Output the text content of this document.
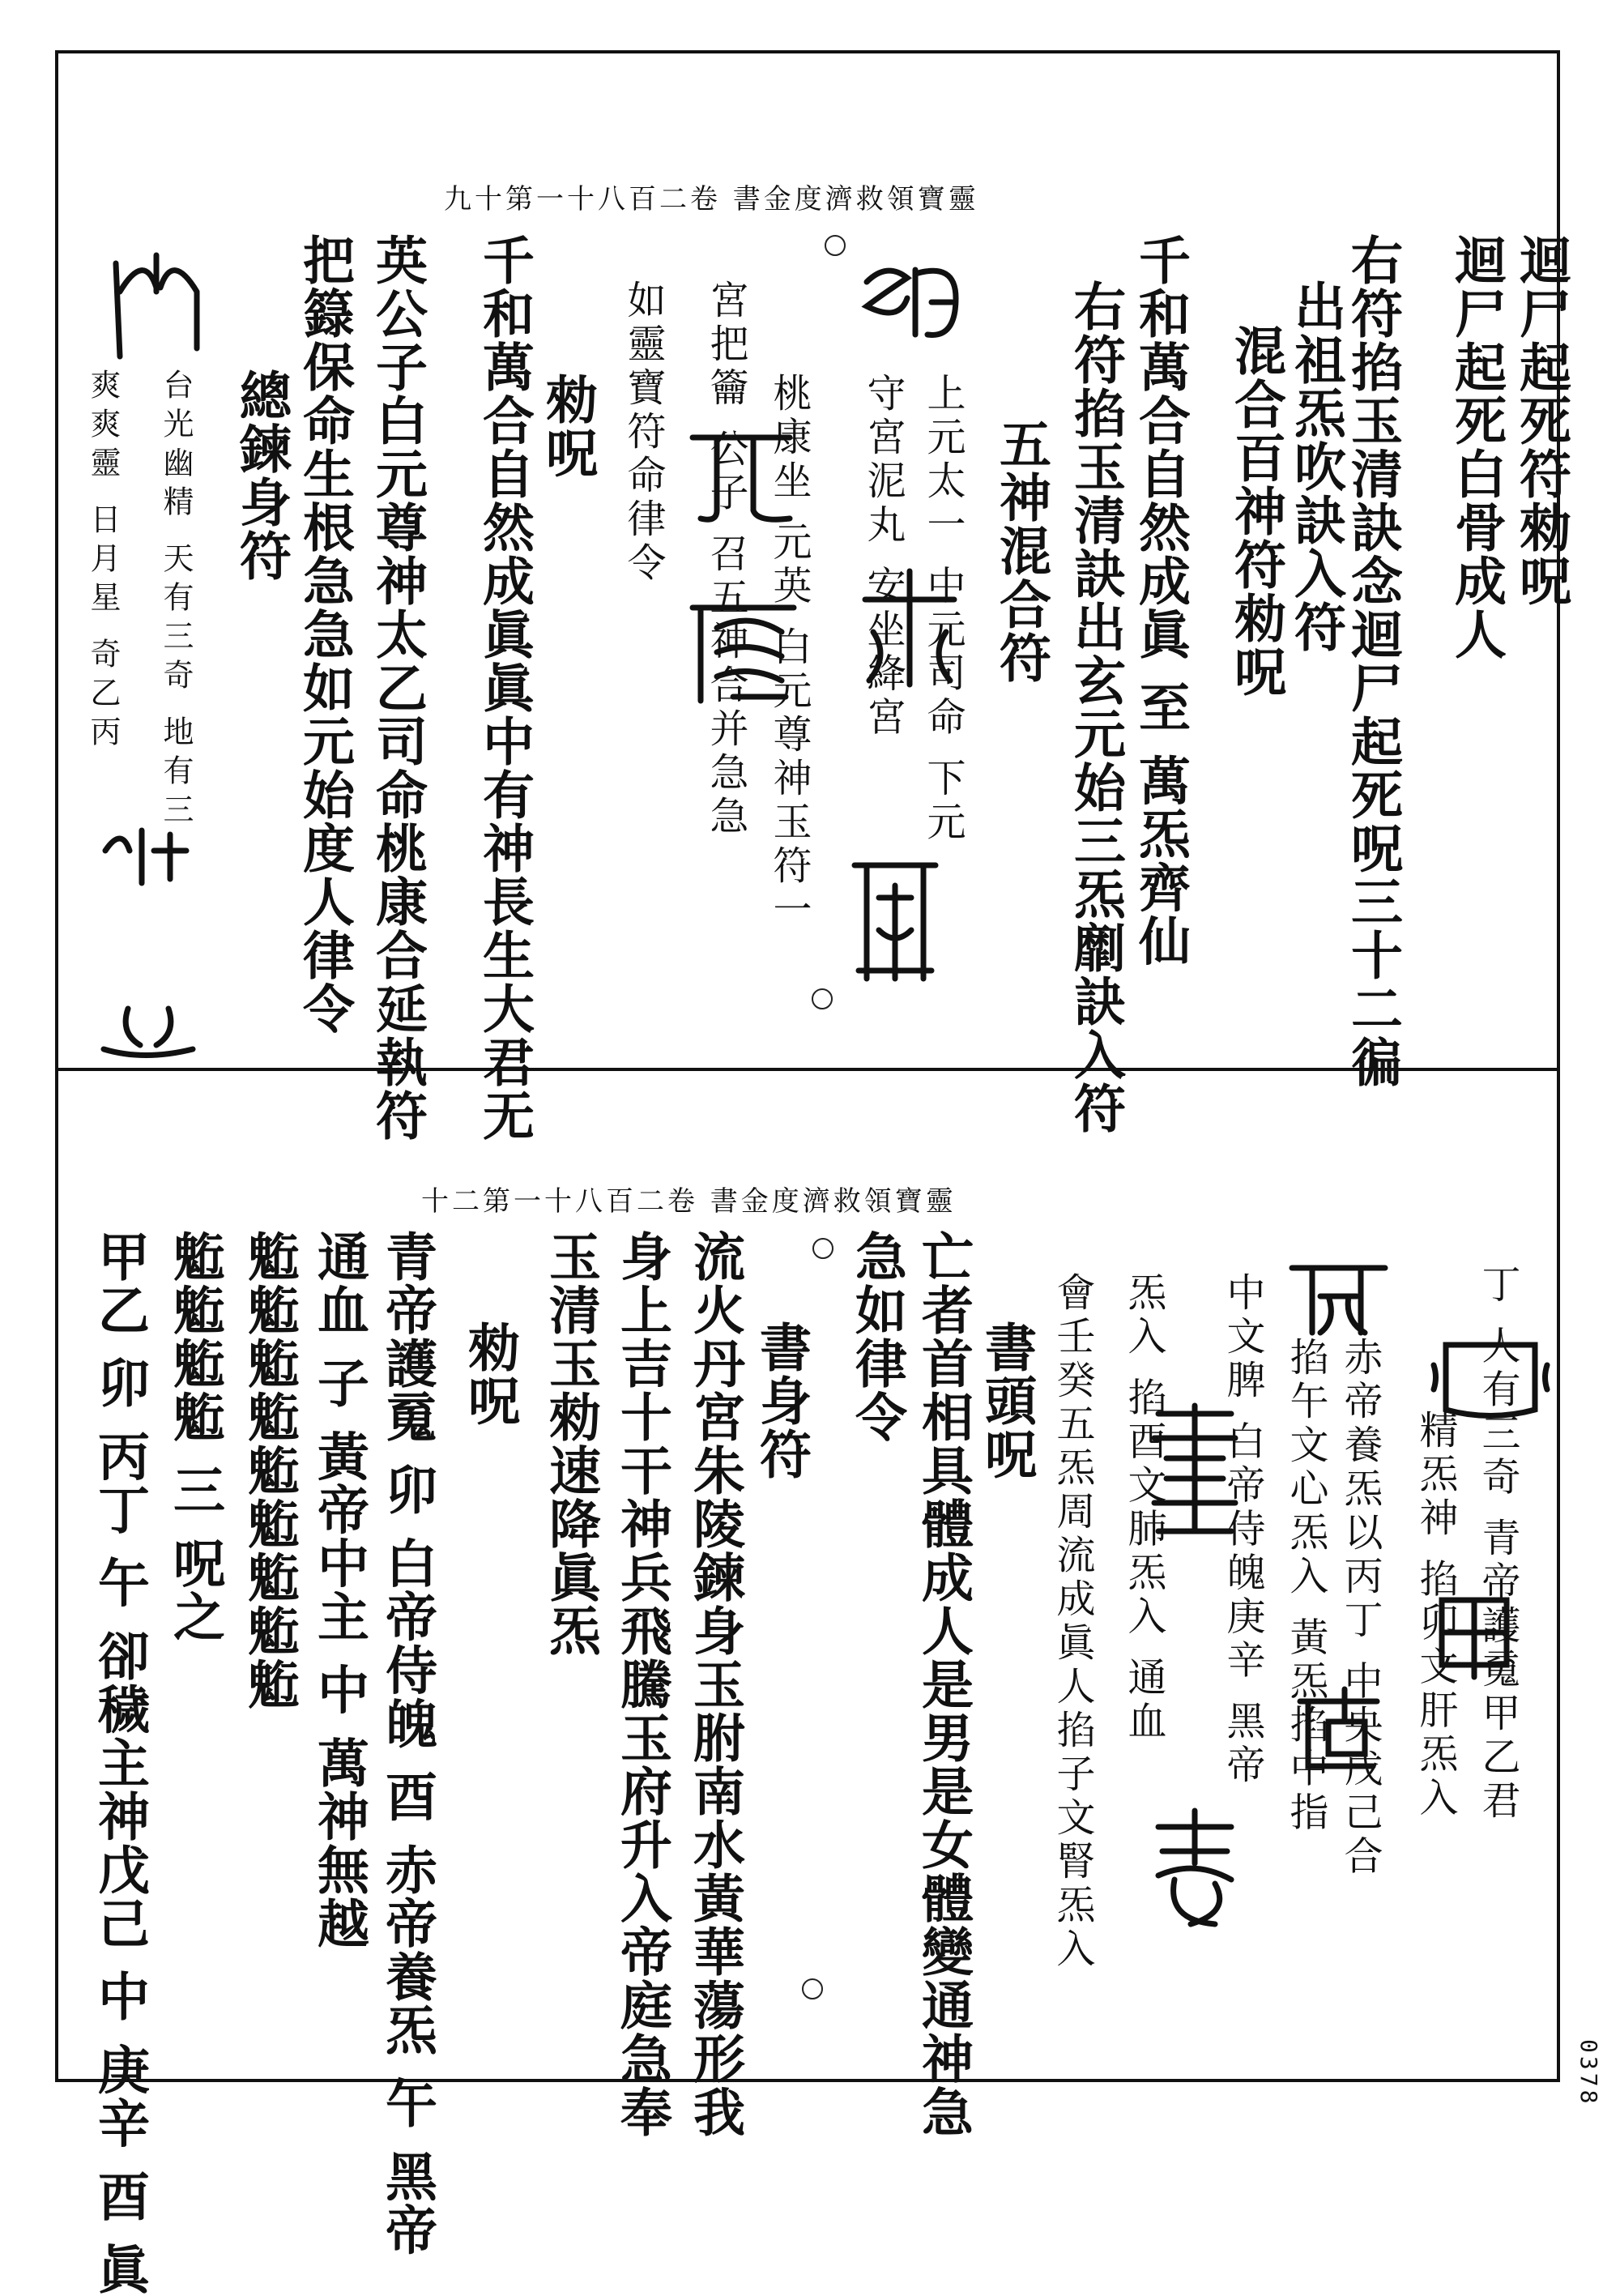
九十第一十八百二卷 書金度濟救領寶靈
迴尸起死符勑呪
迴尸起死白骨成人
右符掐玉清訣念迴尸起死呪三十二徧
出祖炁吹訣入符
混合百神符勑呪
千和萬合自然成眞 至 萬炁齊仙
右符掐玉清訣出玄元始三炁劘訣入符
五神混合符
上元太一 中元司命 下元
守宮泥丸 安坐絳宮
桃康坐 元英 白元尊神玉符一
宮把籥 公子 召五神合并急急
如靈寶符命律令
勑呪
千和萬合自然成眞眞中有神長生大君无
英公子白元尊神太乙司命桃康合延執符
把籙保命生根急急如元始度人律令
總鍊身符
台光幽精 天有三奇 地有三
爽爽靈 日月星 奇乙丙
十二第一十八百二卷 書金度濟救領寶靈
丁 人有三奇 青帝護䰟甲乙君
精炁神 掐卯文肝炁入
赤帝養炁以丙丁 中央戊己合
掐午文心炁入 黃炁掐中指
中文脾 白帝侍魄庚辛 黑帝
炁入 掐酉文肺炁入 通血
會壬癸五炁周流成眞人掐子文腎炁入
書頭呪
亡者首相具體成人是男是女體變通神急
急如律令
書身符
流火丹宮朱陵鍊身玉胕南水黃華蕩形我
身上吉十干神兵飛騰玉府升入帝庭急奉
玉清玉勑速降眞炁
勑呪
青帝護䰟 卯 白帝侍魄 酉 赤帝養炁 午 黑帝
通血 子 黃帝中主 中 萬神無越
䰢䰢䰢䰢䰢䰢䰢䰢䰢
䰢䰢䰢䰢 三 呪之
甲乙 卯 丙丁 午 卻穢主神戊己 中 庚辛 酉 眞	0378
